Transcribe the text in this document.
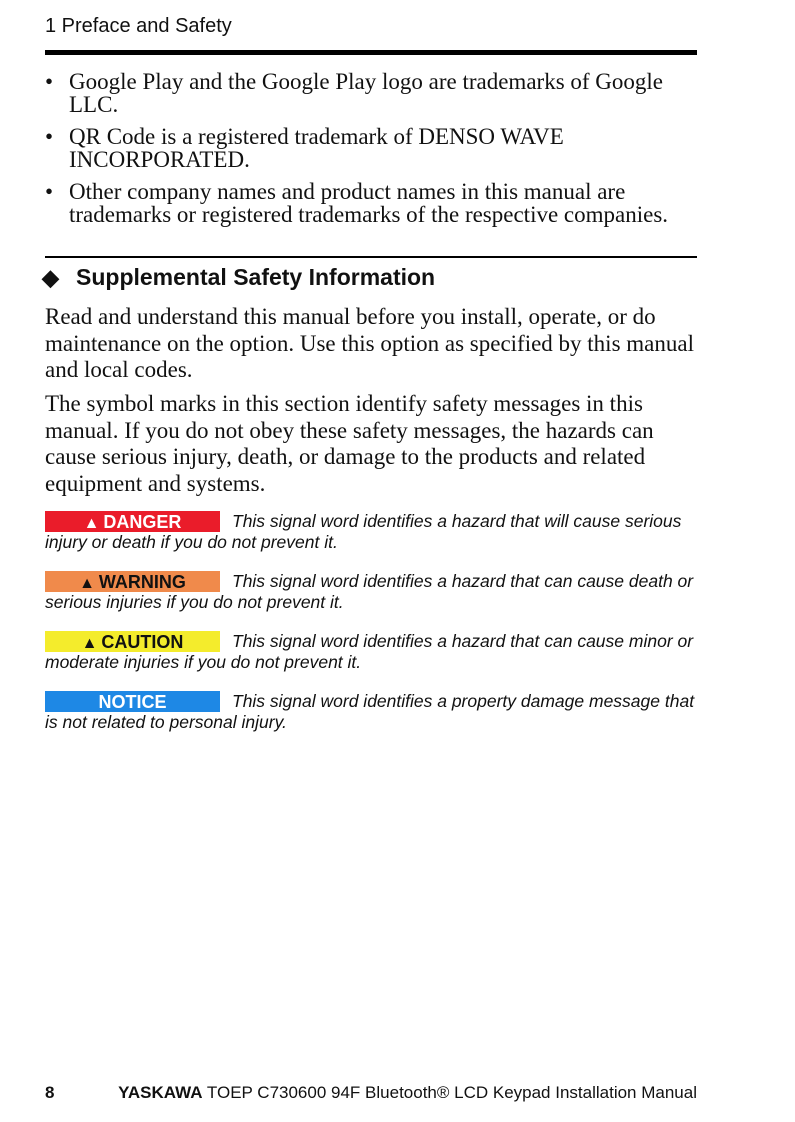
1 Preface and Safety
• Google Play and the Google Play logo are trademarks of Google LLC.
• QR Code is a registered trademark of DENSO WAVE INCORPORATED.
• Other company names and product names in this manual are trademarks or registered trademarks of the respective companies.
◆ Supplemental Safety Information
Read and understand this manual before you install, operate, or do maintenance on the option. Use this option as specified by this manual and local codes.
The symbol marks in this section identify safety messages in this manual. If you do not obey these safety messages, the hazards can cause serious injury, death, or damage to the products and related equipment and systems.
▲ DANGER	This signal word identifies a hazard that will cause serious injury or death if you do not prevent it.
▲ WARNING	This signal word identifies a hazard that can cause death or serious injuries if you do not prevent it.
▲ CAUTION	This signal word identifies a hazard that can cause minor or moderate injuries if you do not prevent it.
NOTICE	This signal word identifies a property damage message that is not related to personal injury.
8	YASKAWA TOEP C730600 94F Bluetooth® LCD Keypad Installation Manual
